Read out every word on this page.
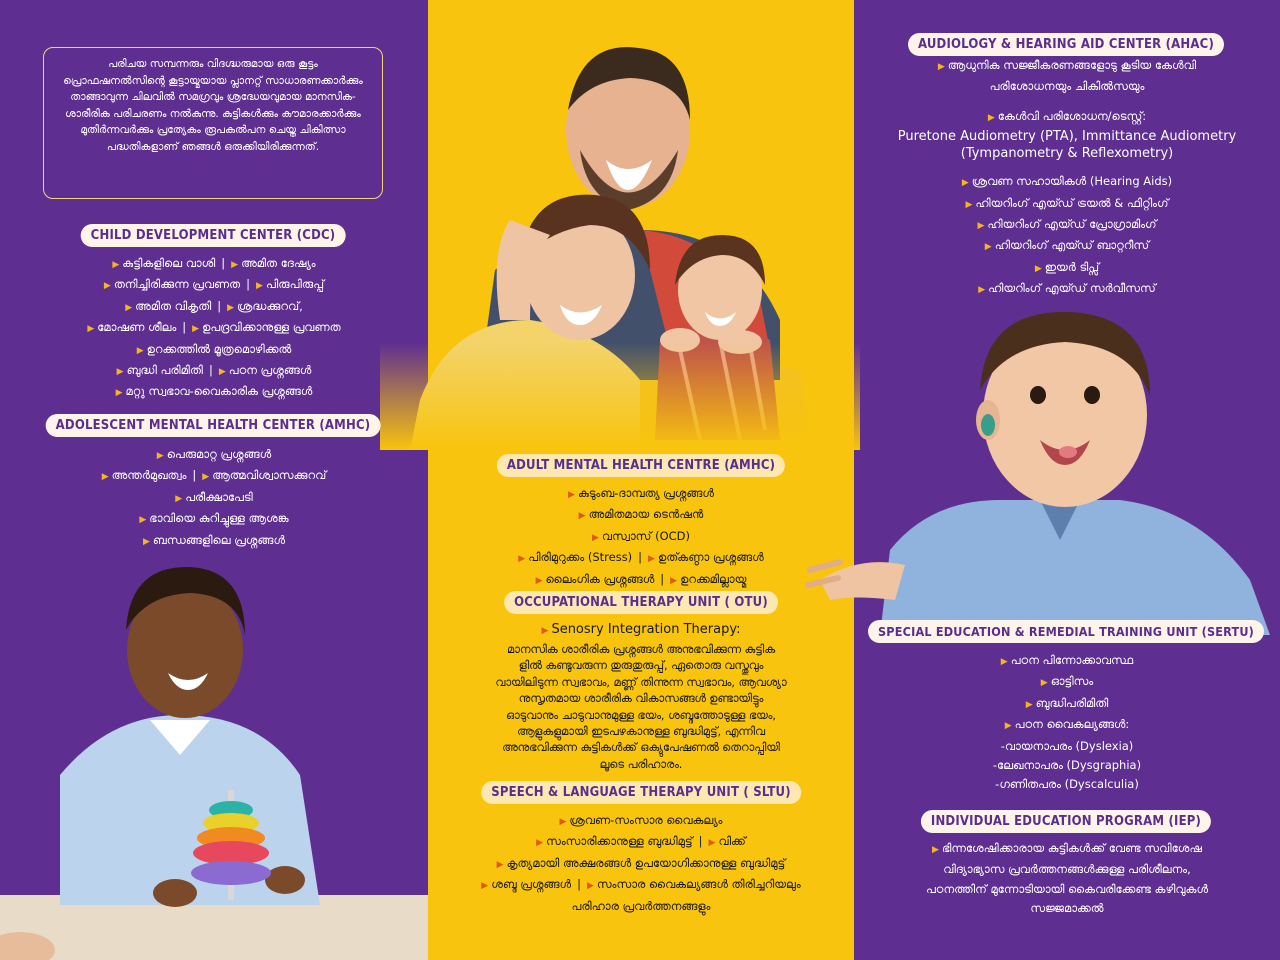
പരിചയ സമ്പന്നരും വിദഗ്ദ്ധരുമായ ഒരു കൂട്ടം പ്രൊഫഷനൽസിന്റെ കൂട്ടായ്മയായ പ്ലാനറ്റ് സാധാരണക്കാർക്കും താങ്ങാവുന്ന ചിലവിൽ സമഗ്രവും ശ്രദ്ധേയവുമായ മാനസിക-ശാരീരിക പരിചരണം നൽകുന്നു. കുട്ടികൾക്കും കൗമാരക്കാർക്കും മുതിർന്നവർക്കും പ്രത്യേകം രൂപകൽപന ചെയ്ത ചികിത്സാ പദ്ധതികളാണ് ഞങ്ങൾ ഒരുക്കിയിരിക്കുന്നത്.
CHILD DEVELOPMENT CENTER (CDC)
▶ കുട്ടികളിലെ വാശി | ▶ അമിത ദേഷ്യം
▶ തനിച്ചിരിക്കുന്ന പ്രവണത | ▶ പിരുപിരുപ്പ്
▶ അമിത വികൃതി | ▶ ശ്രദ്ധക്കുറവ്,
▶ മോഷണ ശീലം | ▶ ഉപദ്രവിക്കാനുള്ള പ്രവണത
▶ ഉറക്കത്തിൽ മൂത്രമൊഴിക്കൽ
▶ ബുദ്ധി പരിമിതി | ▶ പഠന പ്രശ്നങ്ങൾ
▶ മറ്റു സ്വഭാവ-വൈകാരിക പ്രശ്നങ്ങൾ
ADOLESCENT MENTAL HEALTH CENTER (AMHC)
▶ പെരുമാറ്റ പ്രശ്നങ്ങൾ
▶ അന്തർമുഖത്വം | ▶ ആത്മവിശ്വാസക്കുറവ്
▶ പരീക്ഷാപേടി
▶ ഭാവിയെ കുറിച്ചുള്ള ആശങ്ക
▶ ബന്ധങ്ങളിലെ പ്രശ്നങ്ങൾ
ADULT MENTAL HEALTH CENTRE (AMHC)
▶ കുടുംബ-ദാമ്പത്യ പ്രശ്നങ്ങൾ
▶ അമിതമായ ടെൻഷൻ
▶ വസ്വാസ് (OCD)
▶ പിരിമുറുക്കം (Stress) | ▶ ഉത്കണ്ഠാ പ്രശ്നങ്ങൾ
▶ ലൈംഗിക പ്രശ്നങ്ങൾ | ▶ ഉറക്കമില്ലായ്മ
OCCUPATIONAL THERAPY UNIT ( OTU)
▶ Senosry Integration Therapy:
മാനസിക ശാരീരിക പ്രശ്നങ്ങൾ അനുഭവിക്കുന്ന കുട്ടിക
ളിൽ കണ്ടുവരുന്ന തുരുതുരുപ്പ്, ഏതൊരു വസ്തുവും
വായിലിടുന്ന സ്വഭാവം, മണ്ണ് തിന്നുന്ന സ്വഭാവം, ആവശ്യാ
നുസൃതമായ ശാരീരിക വികാസങ്ങൾ ഉണ്ടായിട്ടും
ഓടുവാനും ചാടുവാനുമുള്ള ഭയം, ശബ്ദത്തോടുള്ള ഭയം,
ആളുകളുമായി ഇടപഴകാനുള്ള ബുദ്ധിമുട്ട്, എന്നിവ
അനുഭവിക്കുന്ന കുട്ടികൾക്ക് ഒക്യുപേഷണൽ തെറാപ്പിയി
ലൂടെ പരിഹാരം.
SPEECH & LANGUAGE THERAPY UNIT ( SLTU)
▶ ശ്രവണ-സംസാര വൈകല്യം
▶ സംസാരിക്കാനുള്ള ബുദ്ധിമുട്ട് | ▶ വിക്ക്
▶ കൃത്യമായി അക്ഷരങ്ങൾ ഉപയോഗിക്കാനുള്ള ബുദ്ധിമുട്ട്
▶ ശബ്ദ പ്രശ്നങ്ങൾ | ▶ സംസാര വൈകല്യങ്ങൾ തിരിച്ചറിയലും
പരിഹാര പ്രവർത്തനങ്ങളും
AUDIOLOGY & HEARING AID CENTER (AHAC)
▶ ആധുനിക സജ്ജീകരണങ്ങളോടു കൂടിയ കേൾവി
പരിശോധനയും ചികിൽസയും
▶ കേൾവി പരിശോധന/ടെസ്റ്റ്:
Puretone Audiometry (PTA), Immittance Audiometry
(Tympanometry & Reflexometry)
▶ ശ്രവണ സഹായികൾ (Hearing Aids)
▶ ഹിയറിംഗ് എയ്ഡ് ട്രയൽ & ഫിറ്റിംഗ്
▶ ഹിയറിംഗ് എയ്ഡ് പ്രോഗ്രാമിംഗ്
▶ ഹിയറിംഗ് എയ്ഡ് ബാറ്ററീസ്
▶ ഇയർ ടിപ്സ്
▶ ഹിയറിംഗ് എയ്ഡ് സർവീസസ്
SPECIAL EDUCATION & REMEDIAL TRAINING UNIT (SERTU)
▶ പഠന പിന്നോക്കാവസ്ഥ
▶ ഓട്ടിസം
▶ ബുദ്ധിപരിമിതി
▶ പഠന വൈകല്യങ്ങൾ:
-വായനാപരം (Dyslexia)
-ലേഖനാപരം (Dysgraphia)
-ഗണിതപരം (Dyscalculia)
INDIVIDUAL EDUCATION PROGRAM (IEP)
▶ ഭിന്നശേഷിക്കാരായ കുട്ടികൾക്ക് വേണ്ട സവിശേഷ
വിദ്യാഭ്യാസ പ്രവർത്തനങ്ങൾക്കുള്ള പരിശീലനം,
പഠനത്തിന് മുന്നോടിയായി കൈവരിക്കേണ്ട കഴിവുകൾ
സജ്ജമാക്കൽ
